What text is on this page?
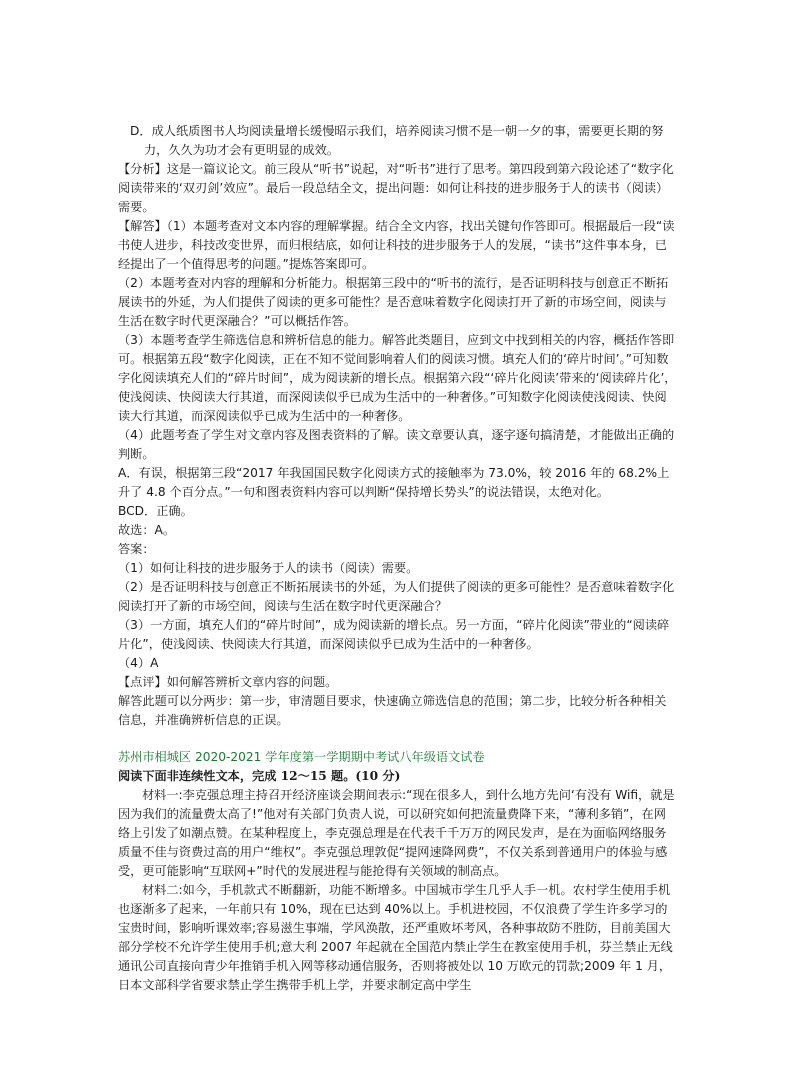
D．成人纸质图书人均阅读量增长缓慢昭示我们，培养阅读习惯不是一朝一夕的事，需要更长期的努力，久久为功才会有更明显的成效。

【分析】这是一篇议论文。前三段从“听书”说起，对“听书”进行了思考。第四段到第六段论述了“数字化阅读带来的‘双刃剑’效应”。最后一段总结全文，提出问题：如何让科技的进步服务于人的读书（阅读）需要。

【解答】（1）本题考查对文本内容的理解掌握。结合全文内容，找出关键句作答即可。根据最后一段“读书使人进步，科技改变世界，而归根结底，如何让科技的进步服务于人的发展，“读书”这件事本身，已经提出了一个值得思考的问题。”提炼答案即可。

（2）本题考查对内容的理解和分析能力。根据第三段中的“听书的流行，是否证明科技与创意正不断拓展读书的外延，为人们提供了阅读的更多可能性？是否意味着数字化阅读打开了新的市场空间，阅读与生活在数字时代更深融合？”可以概括作答。

（3）本题考查学生筛选信息和辨析信息的能力。解答此类题目，应到文中找到相关的内容，概括作答即可。根据第五段“数字化阅读，正在不知不觉间影响着人们的阅读习惯。填充人们的‘碎片时间’。”可知数字化阅读填充人们的“碎片时间”，成为阅读新的增长点。根据第六段“‘碎片化阅读’带来的‘阅读碎片化’，使浅阅读、快阅读大行其道，而深阅读似乎已成为生活中的一种奢侈。”可知数字化阅读使浅阅读、快阅读大行其道，而深阅读似乎已成为生活中的一种奢侈。

（4）此题考查了学生对文章内容及图表资料的了解。读文章要认真，逐字逐句搞清楚，才能做出正确的判断。

A．有误，根据第三段“2017 年我国国民数字化阅读方式的接触率为 73.0%，较 2016 年的 68.2%上升了 4.8 个百分点。”一句和图表资料内容可以判断“保持增长势头”的说法错误，太绝对化。

BCD．正确。

故选：A。

答案：

（1）如何让科技的进步服务于人的读书（阅读）需要。

（2）是否证明科技与创意正不断拓展读书的外延，为人们提供了阅读的更多可能性？是否意味着数字化阅读打开了新的市场空间，阅读与生活在数字时代更深融合？

（3）一方面，填充人们的“碎片时间”，成为阅读新的增长点。另一方面，“碎片化阅读”带业的“阅读碎片化”，使浅阅读、快阅读大行其道，而深阅读似乎已成为生活中的一种奢侈。

（4）A

【点评】如何解答辨析文章内容的问题。

解答此题可以分两步：第一步，审清题目要求，快速确立筛选信息的范围；第二步，比较分析各种相关信息，并准确辨析信息的正误。

苏州市相城区 2020-2021 学年度第一学期期中考试八年级语文试卷

阅读下面非连续性文本，完成 12～15 题。(10 分)

材料一:李克强总理主持召开经济座谈会期间表示:“现在很多人，到什么地方先问‘有没有 Wifi，就是因为我们的流量费太高了!”他对有关部门负责人说，可以研究如何把流量费降下来，“薄利多销”，在网络上引发了如潮点赞。在某种程度上，李克强总理是在代表千千万万的网民发声，是在为面临网络服务质量不佳与资费过高的用户“维权”。李克强总理敦促“提网速降网费”，不仅关系到普通用户的体验与感受，更可能影响“互联网+”时代的发展进程与能抢得有关领域的制高点。

材料二:如今，手机款式不断翻新，功能不断增多。中国城市学生几乎人手一机。农村学生使用手机也逐渐多了起来，一年前只有 10%，现在已达到 40%以上。手机进校园，不仅浪费了学生许多学习的宝贵时间，影响听课效率;容易滋生事端，学风涣散，还严重败坏考风，各种事故防不胜防，目前美国大部分学校不允许学生使用手机;意大利 2007 年起就在全国范内禁止学生在教室使用手机，芬兰禁止无线通讯公司直接向青少年推销手机入网等移动通信服务，否则将被处以 10 万欧元的罚款;2009 年 1 月，日本文部科学省要求禁止学生携带手机上学，并要求制定高中学生
